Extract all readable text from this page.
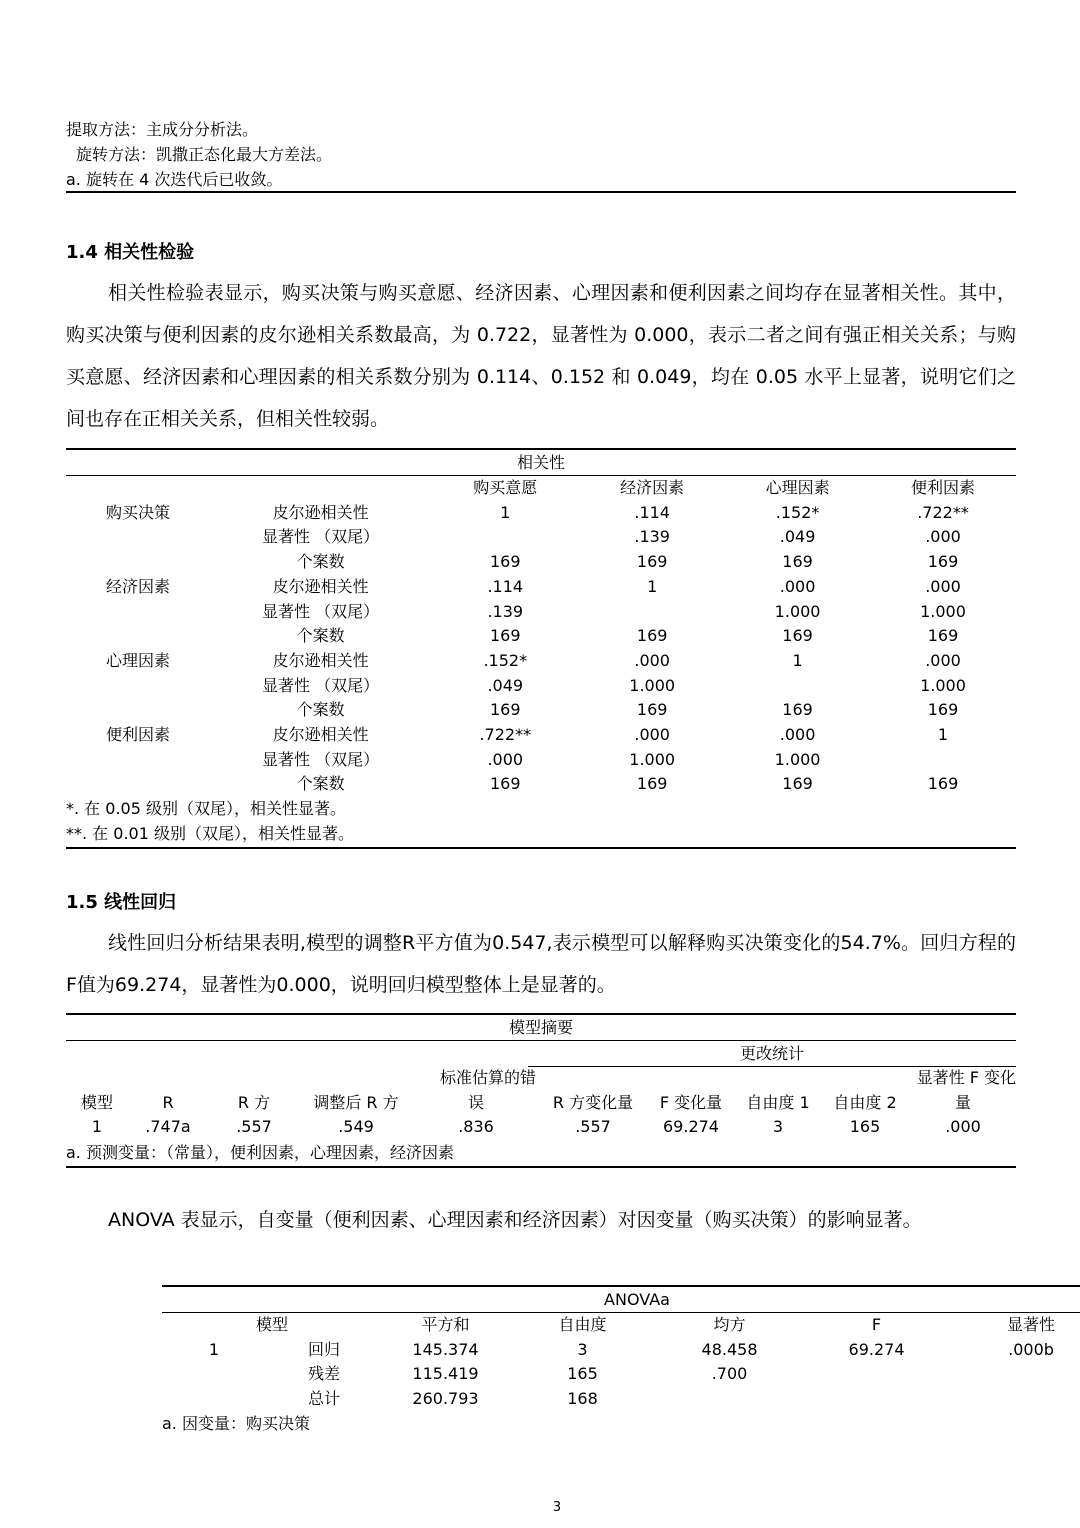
提取方法：主成分分析法。
旋转方法：凯撒正态化最大方差法。
a. 旋转在 4 次迭代后已收敛。
1.4 相关性检验

相关性检验表显示，购买决策与购买意愿、经济因素、心理因素和便利因素之间均存在显著相关性。其中，购买决策与便利因素的皮尔逊相关系数最高，为 0.722，显著性为 0.000，表示二者之间有强正相关关系；与购买意愿、经济因素和心理因素的相关系数分别为 0.114、0.152 和 0.049，均在 0.05 水平上显著，说明它们之间也存在正相关关系，但相关性较弱。

相关性
		购买意愿	经济因素	心理因素	便利因素
购买决策	皮尔逊相关性	1	.114	.152*	.722**
	显著性 （双尾）		.139	.049	.000
	个案数	169	169	169	169
经济因素	皮尔逊相关性	.114	1	.000	.000
	显著性 （双尾）	.139		1.000	1.000
	个案数	169	169	169	169
心理因素	皮尔逊相关性	.152*	.000	1	.000
	显著性 （双尾）	.049	1.000		1.000
	个案数	169	169	169	169
便利因素	皮尔逊相关性	.722**	.000	.000	1
	显著性 （双尾）	.000	1.000	1.000	
	个案数	169	169	169	169
*. 在 0.05 级别（双尾），相关性显著。
**. 在 0.01 级别（双尾），相关性显著。
1.5 线性回归

线性回归分析结果表明,模型的调整R平方值为0.547,表示模型可以解释购买决策变化的54.7%。回归方程的F值为69.274，显著性为0.000，说明回归模型整体上是显著的。

模型摘要
更改统计
				标准估算的错					显著性 F 变化
模型	R	R 方	调整后 R 方	误	R 方变化量	F 变化量	自由度 1	自由度 2	量
1	.747a	.557	.549	.836	.557	69.274	3	165	.000
a. 预测变量：（常量），便利因素，心理因素，经济因素
ANOVA 表显示，自变量（便利因素、心理因素和经济因素）对因变量（购买决策）的影响显著。
ANOVAa
模型		平方和	自由度	均方	F	显著性
1	回归	145.374	3	48.458	69.274	.000b
	残差	115.419	165	.700		
	总计	260.793	168			
a. 因变量：购买决策
3
